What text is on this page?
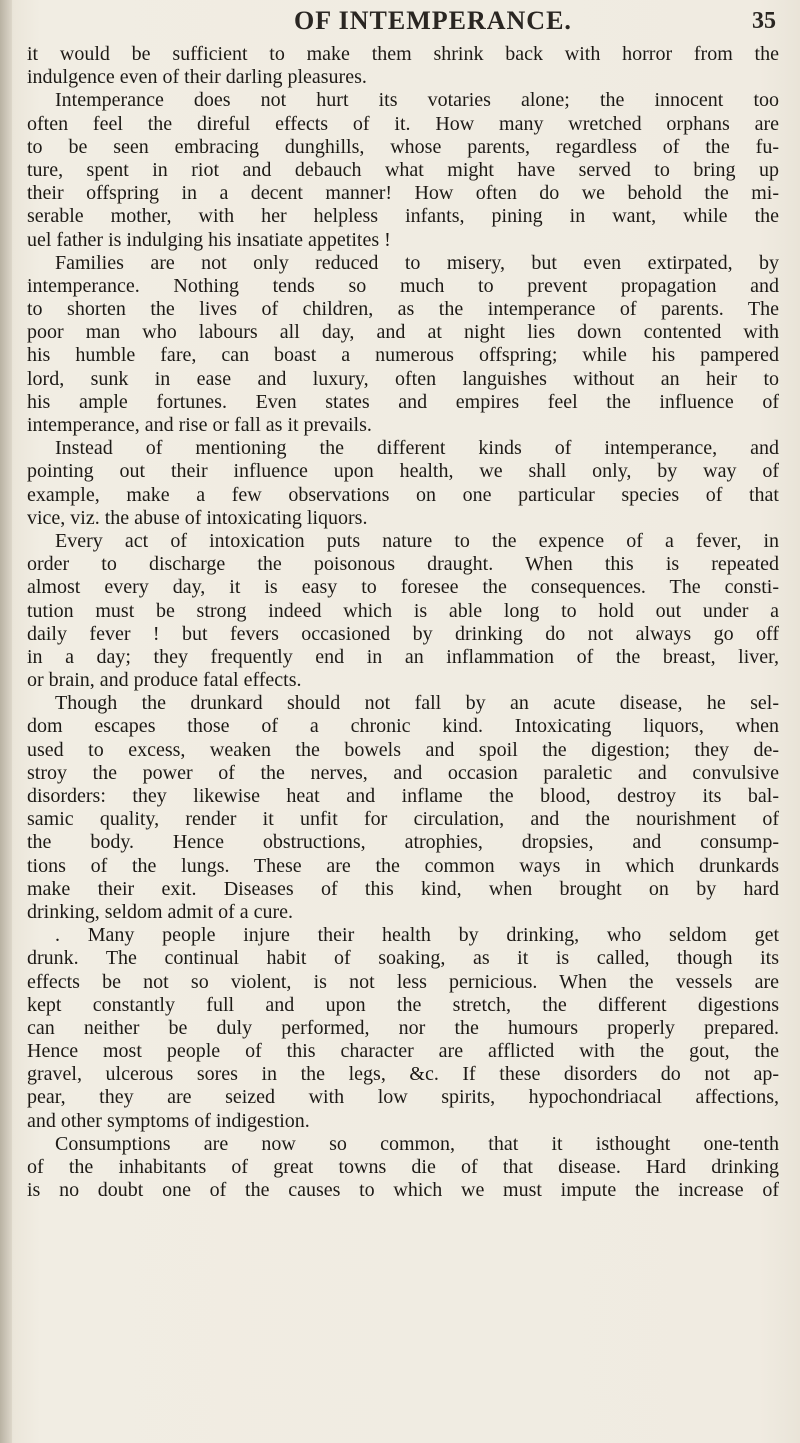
OF INTEMPERANCE.	35
it would be sufficient to make them shrink back with horror from the
indulgence even of their darling pleasures.
Intemperance does not hurt its votaries alone; the innocent too
often feel the direful effects of it. How many wretched orphans are
to be seen embracing dunghills, whose parents, regardless of the fu-
ture, spent in riot and debauch what might have served to bring up
their offspring in a decent manner! How often do we behold the mi-
serable mother, with her helpless infants, pining in want, while the
uel father is indulging his insatiate appetites !
Families are not only reduced to misery, but even extirpated, by
intemperance. Nothing tends so much to prevent propagation and
to shorten the lives of children, as the intemperance of parents. The
poor man who labours all day, and at night lies down contented with
his humble fare, can boast a numerous offspring; while his pampered
lord, sunk in ease and luxury, often languishes without an heir to
his ample fortunes. Even states and empires feel the influence of
intemperance, and rise or fall as it prevails.
Instead of mentioning the different kinds of intemperance, and
pointing out their influence upon health, we shall only, by way of
example, make a few observations on one particular species of that
vice, viz. the abuse of intoxicating liquors.
Every act of intoxication puts nature to the expence of a fever, in
order to discharge the poisonous draught. When this is repeated
almost every day, it is easy to foresee the consequences. The consti-
tution must be strong indeed which is able long to hold out under a
daily fever ! but fevers occasioned by drinking do not always go off
in a day; they frequently end in an inflammation of the breast, liver,
or brain, and produce fatal effects.
Though the drunkard should not fall by an acute disease, he sel-
dom escapes those of a chronic kind. Intoxicating liquors, when
used to excess, weaken the bowels and spoil the digestion; they de-
stroy the power of the nerves, and occasion paraletic and convulsive
disorders: they likewise heat and inflame the blood, destroy its bal-
samic quality, render it unfit for circulation, and the nourishment of
the body. Hence obstructions, atrophies, dropsies, and consump-
tions of the lungs. These are the common ways in which drunkards
make their exit. Diseases of this kind, when brought on by hard
drinking, seldom admit of a cure.
. Many people injure their health by drinking, who seldom get
drunk. The continual habit of soaking, as it is called, though its
effects be not so violent, is not less pernicious. When the vessels are
kept constantly full and upon the stretch, the different digestions
can neither be duly performed, nor the humours properly prepared.
Hence most people of this character are afflicted with the gout, the
gravel, ulcerous sores in the legs, &c. If these disorders do not ap-
pear, they are seized with low spirits, hypochondriacal affections,
and other symptoms of indigestion.
Consumptions are now so common, that it isthought one-tenth
of the inhabitants of great towns die of that disease. Hard drinking
is no doubt one of the causes to which we must impute the increase of
